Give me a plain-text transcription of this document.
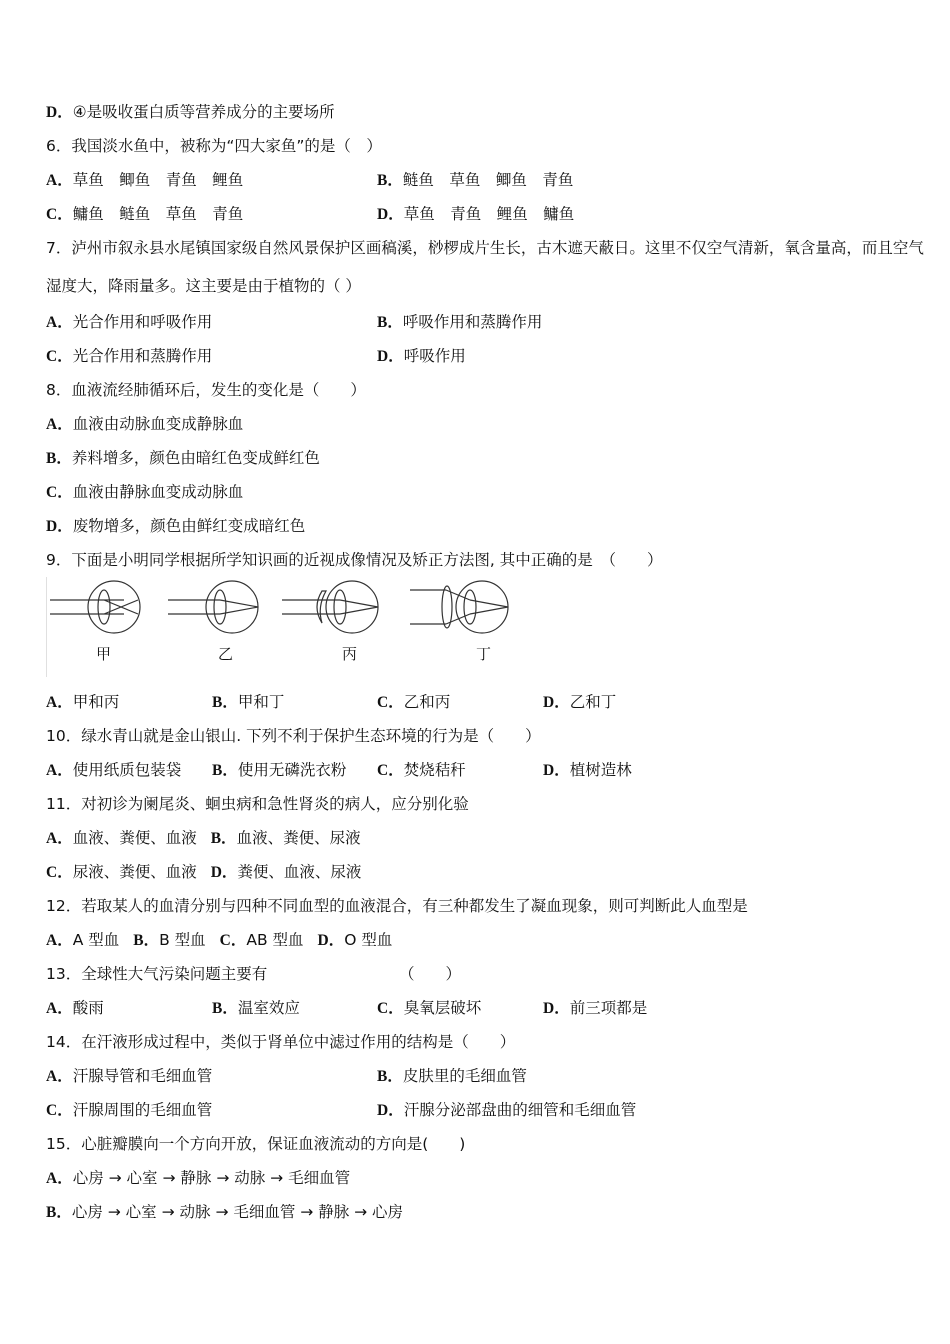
D．④是吸收蛋白质等营养成分的主要场所
6．我国淡水鱼中，被称为“四大家鱼”的是（　）
A．草鱼　鲫鱼　青鱼　鲤鱼	B．鲢鱼　草鱼　鲫鱼　青鱼
C．鳙鱼　鲢鱼　草鱼　青鱼	D．草鱼　青鱼　鲤鱼　鳙鱼
7．泸州市叙永县水尾镇国家级自然风景保护区画稿溪，桫椤成片生长，古木遮天蔽日。这里不仅空气清新，氧含量高，而且空气湿度大，降雨量多。这主要是由于植物的（ ）
A．光合作用和呼吸作用	B．呼吸作用和蒸腾作用
C．光合作用和蒸腾作用	D．呼吸作用
8．血液流经肺循环后，发生的变化是（　　）
A．血液由动脉血变成静脉血
B．养料增多，颜色由暗红色变成鲜红色
C．血液由静脉血变成动脉血
D．废物增多，颜色由鲜红变成暗红色
9．下面是小明同学根据所学知识画的近视成像情况及矫正方法图, 其中正确的是　（　　）
甲	乙	丙	丁
A．甲和丙	B．甲和丁	C．乙和丙	D．乙和丁
10．绿水青山就是金山银山. 下列不利于保护生态环境的行为是（　　）
A．使用纸质包装袋 B．使用无磷洗衣粉 C．焚烧秸秆	D．植树造林
11．对初诊为阑尾炎、蛔虫病和急性肾炎的病人，应分别化验
A．血液、粪便、血液 B．血液、粪便、尿液
C．尿液、粪便、血液 D．粪便、血液、尿液
12．若取某人的血清分别与四种不同血型的血液混合，有三种都发生了凝血现象，则可判断此人血型是
A．A 型血 B．B 型血 C．AB 型血 D．O 型血
13．全球性大气污染问题主要有　　　　　　　　　（　　）
A．酸雨	B．温室效应	C．臭氧层破坏	D．前三项都是
14．在汗液形成过程中，类似于肾单位中滤过作用的结构是（　　）
A．汗腺导管和毛细血管	B．皮肤里的毛细血管
C．汗腺周围的毛细血管	D．汗腺分泌部盘曲的细管和毛细血管
15．心脏瓣膜向一个方向开放，保证血液流动的方向是(　　)
A．心房 → 心室 → 静脉 → 动脉 → 毛细血管
B．心房 → 心室 → 动脉 → 毛细血管 → 静脉 → 心房
